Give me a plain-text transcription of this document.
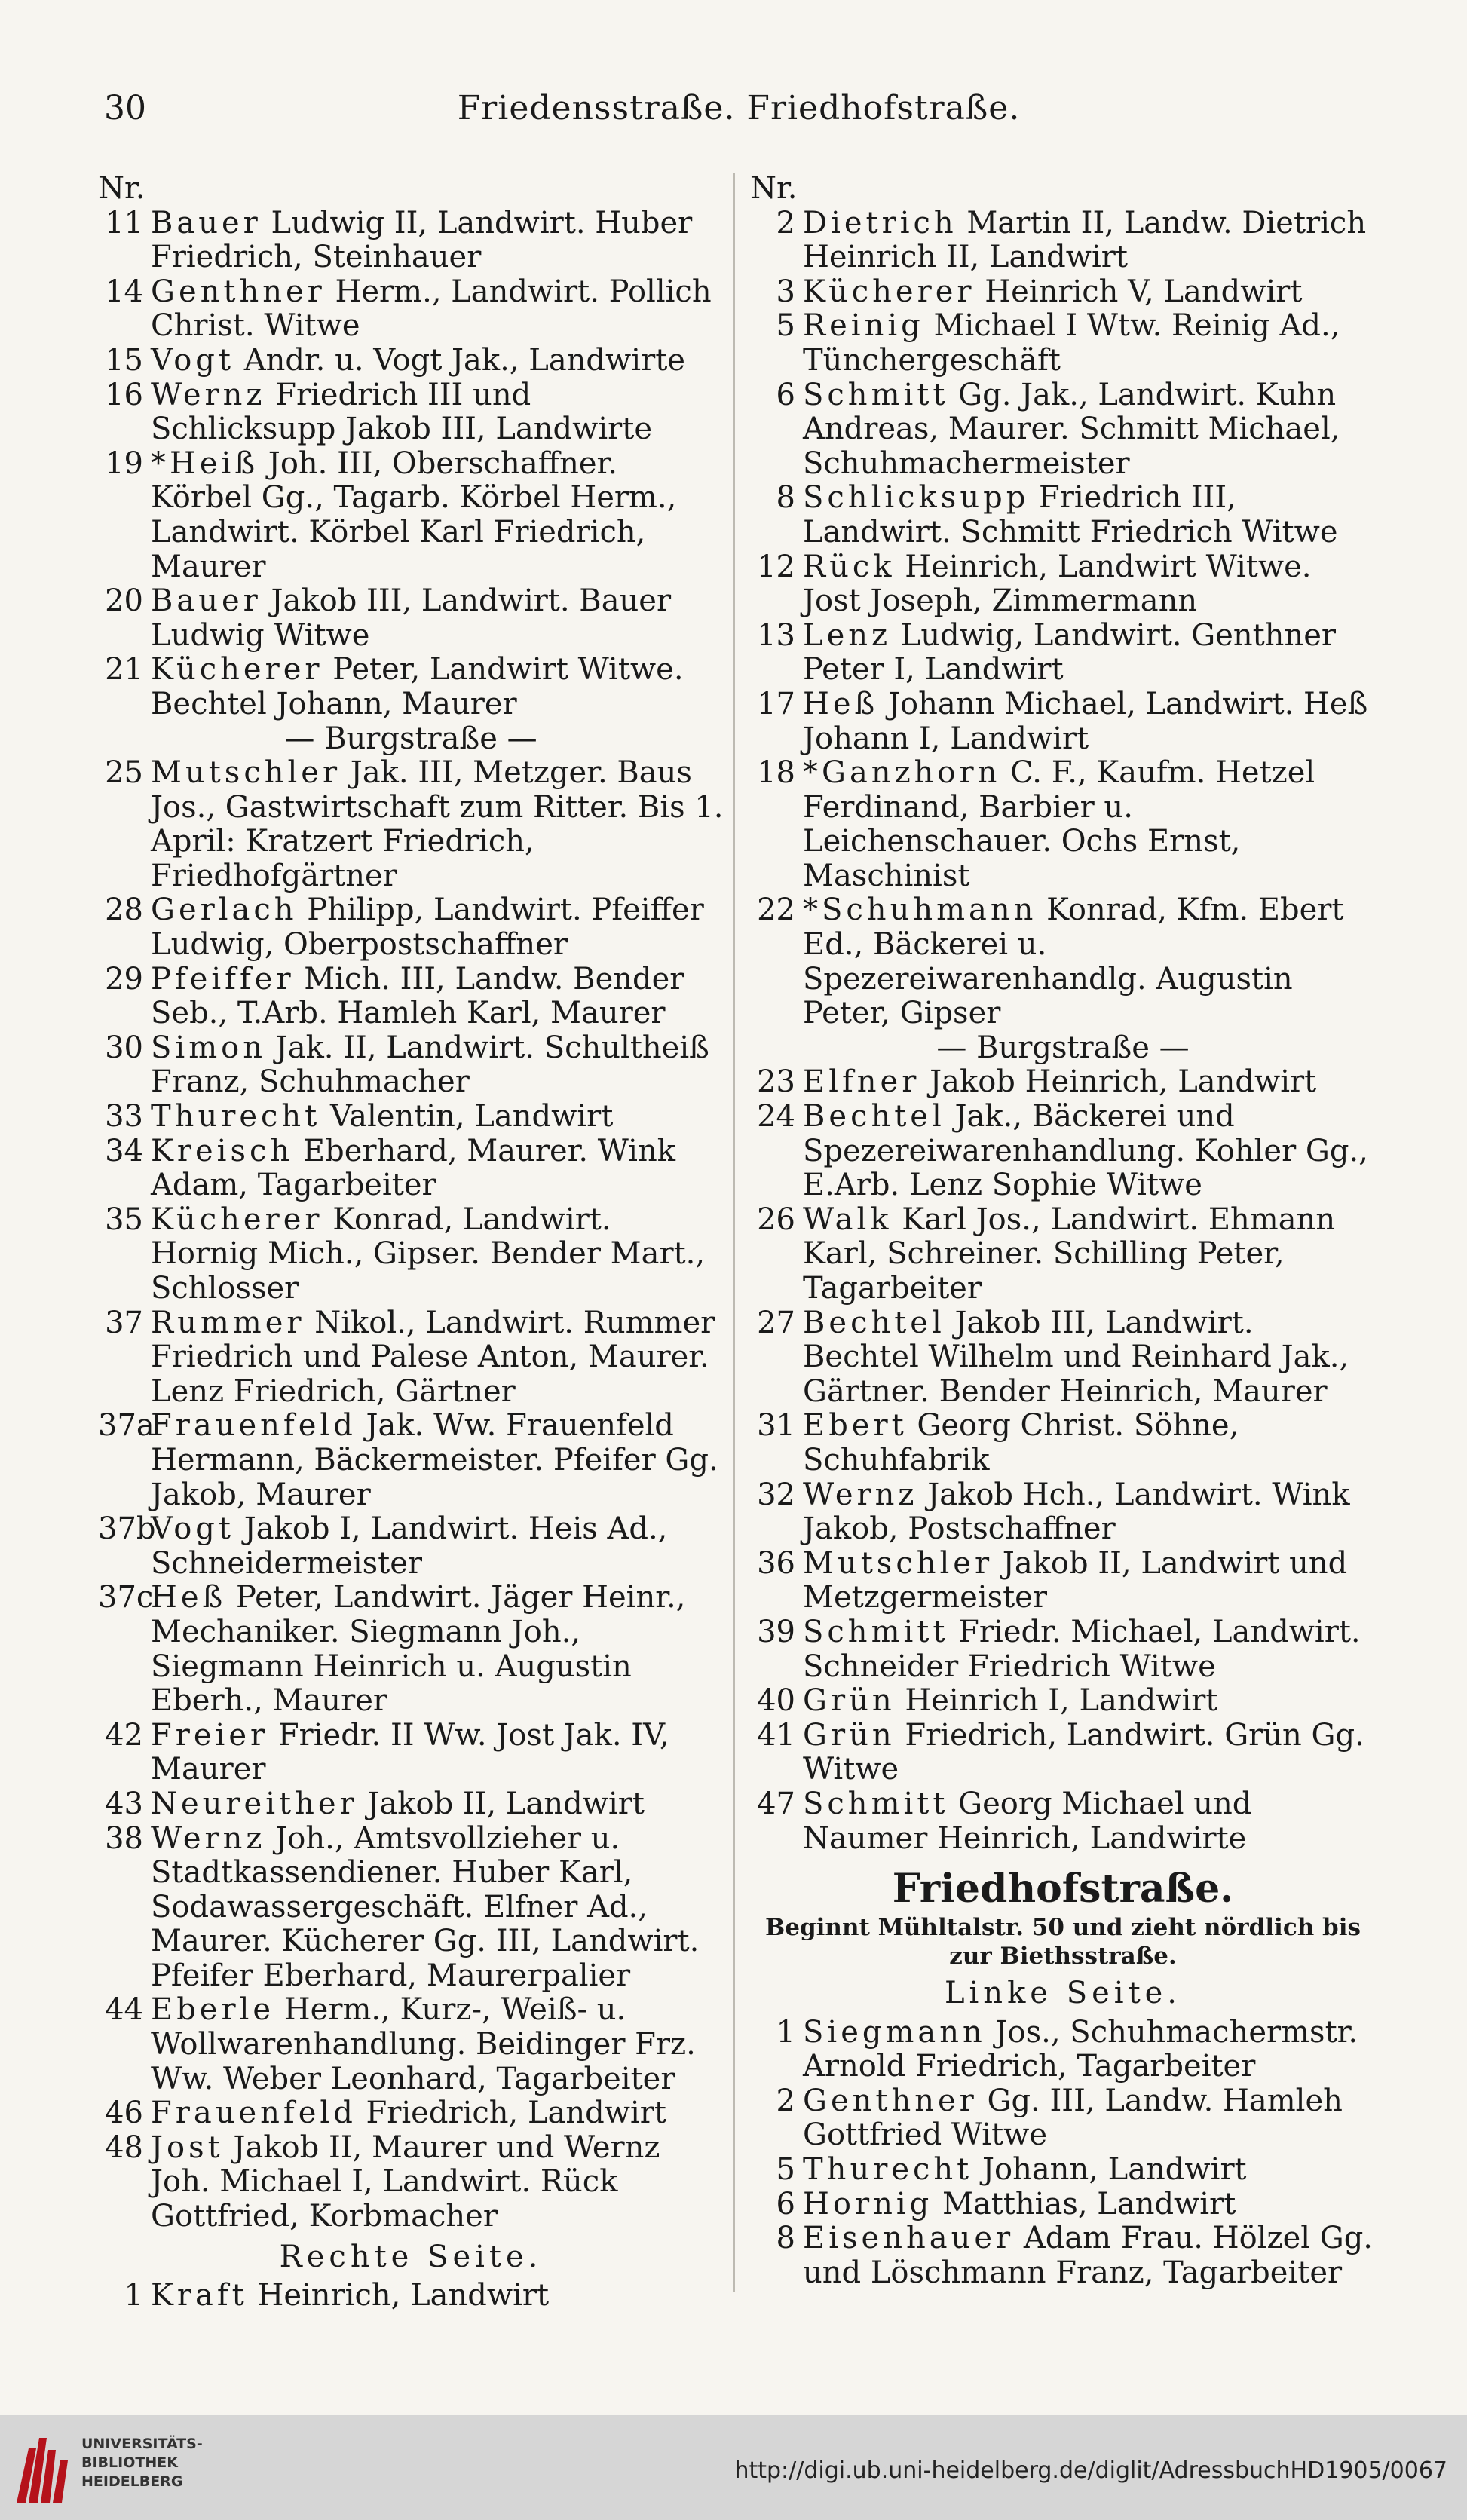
30	Friedensstraße. Friedhofstraße.
Nr.
11 Bauer Ludwig II, Landwirt. Huber Friedrich, Steinhauer
14 Genthner Herm., Landwirt. Pollich Christ. Witwe
15 Vogt Andr. u. Vogt Jak., Landwirte
16 Wernz Friedrich III und Schlicksupp Jakob III, Landwirte
19 *Heiß Joh. III, Oberschaffner. Körbel Gg., Tagarb. Körbel Herm., Landwirt. Körbel Karl Friedrich, Maurer
20 Bauer Jakob III, Landwirt. Bauer Ludwig Witwe
21 Kücherer Peter, Landwirt Witwe. Bechtel Johann, Maurer
— Burgstraße —
25 Mutschler Jak. III, Metzger. Baus Jos., Gastwirtschaft zum Ritter. Bis 1. April: Kratzert Friedrich, Friedhofgärtner
28 Gerlach Philipp, Landwirt. Pfeiffer Ludwig, Oberpostschaffner
29 Pfeiffer Mich. III, Landw. Bender Seb., T.Arb. Hamleh Karl, Maurer
30 Simon Jak. II, Landwirt. Schultheiß Franz, Schuhmacher
33 Thurecht Valentin, Landwirt
34 Kreisch Eberhard, Maurer. Wink Adam, Tagarbeiter
35 Kücherer Konrad, Landwirt. Hornig Mich., Gipser. Bender Mart., Schlosser
37 Rummer Nikol., Landwirt. Rummer Friedrich und Palese Anton, Maurer. Lenz Friedrich, Gärtner
37a
Frauenfeld Jak. Ww. Frauenfeld Hermann, Bäckermeister. Pfeifer Gg. Jakob, Maurer
37b
Vogt Jakob I, Landwirt. Heis Ad., Schneidermeister
37c
Heß Peter, Landwirt. Jäger Heinr., Mechaniker. Siegmann Joh., Siegmann Heinrich u. Augustin Eberh., Maurer
42 Freier Friedr. II Ww. Jost Jak. IV, Maurer
43 Neureither Jakob II, Landwirt
38 Wernz Joh., Amtsvollzieher u. Stadtkassendiener. Huber Karl, Sodawassergeschäft. Elfner Ad., Maurer. Kücherer Gg. III, Landwirt. Pfeifer Eberhard, Maurerpalier
44 Eberle Herm., Kurz-, Weiß- u. Wollwarenhandlung. Beidinger Frz. Ww. Weber Leonhard, Tagarbeiter
46 Frauenfeld Friedrich, Landwirt
48 Jost Jakob II, Maurer und Wernz Joh. Michael I, Landwirt. Rück Gottfried, Korbmacher
Rechte Seite.
1 Kraft Heinrich, Landwirt
Nr.
2 Dietrich Martin II, Landw. Dietrich Heinrich II, Landwirt
3 Kücherer Heinrich V, Landwirt
5 Reinig Michael I Wtw. Reinig Ad., Tünchergeschäft
6 Schmitt Gg. Jak., Landwirt. Kuhn Andreas, Maurer. Schmitt Michael, Schuhmachermeister
8 Schlicksupp Friedrich III, Landwirt. Schmitt Friedrich Witwe
12 Rück Heinrich, Landwirt Witwe. Jost Joseph, Zimmermann
13 Lenz Ludwig, Landwirt. Genthner Peter I, Landwirt
17 Heß Johann Michael, Landwirt. Heß Johann I, Landwirt
18 *Ganzhorn C. F., Kaufm. Hetzel Ferdinand, Barbier u. Leichenschauer. Ochs Ernst, Maschinist
22 *Schuhmann Konrad, Kfm. Ebert Ed., Bäckerei u. Spezereiwarenhandlg. Augustin Peter, Gipser
— Burgstraße —
23 Elfner Jakob Heinrich, Landwirt
24 Bechtel Jak., Bäckerei und Spezereiwarenhandlung. Kohler Gg., E.Arb. Lenz Sophie Witwe
26 Walk Karl Jos., Landwirt. Ehmann Karl, Schreiner. Schilling Peter, Tagarbeiter
27 Bechtel Jakob III, Landwirt. Bechtel Wilhelm und Reinhard Jak., Gärtner. Bender Heinrich, Maurer
31 Ebert Georg Christ. Söhne, Schuhfabrik
32 Wernz Jakob Hch., Landwirt. Wink Jakob, Postschaffner
36 Mutschler Jakob II, Landwirt und Metzgermeister
39 Schmitt Friedr. Michael, Landwirt. Schneider Friedrich Witwe
40 Grün Heinrich I, Landwirt
41 Grün Friedrich, Landwirt. Grün Gg. Witwe
47 Schmitt Georg Michael und Naumer Heinrich, Landwirte
Friedhofstraße.
Beginnt Mühltalstr. 50 und zieht nördlich bis zur Biethsstraße.
Linke Seite.
1 Siegmann Jos., Schuhmachermstr. Arnold Friedrich, Tagarbeiter
2 Genthner Gg. III, Landw. Hamleh Gottfried Witwe
5 Thurecht Johann, Landwirt
6 Hornig Matthias, Landwirt
8 Eisenhauer Adam Frau. Hölzel Gg. und Löschmann Franz, Tagarbeiter
UNIVERSITÄTS-
BIBLIOTHEK
HEIDELBERG	http://digi.ub.uni-heidelberg.de/diglit/AdressbuchHD1905/0067
